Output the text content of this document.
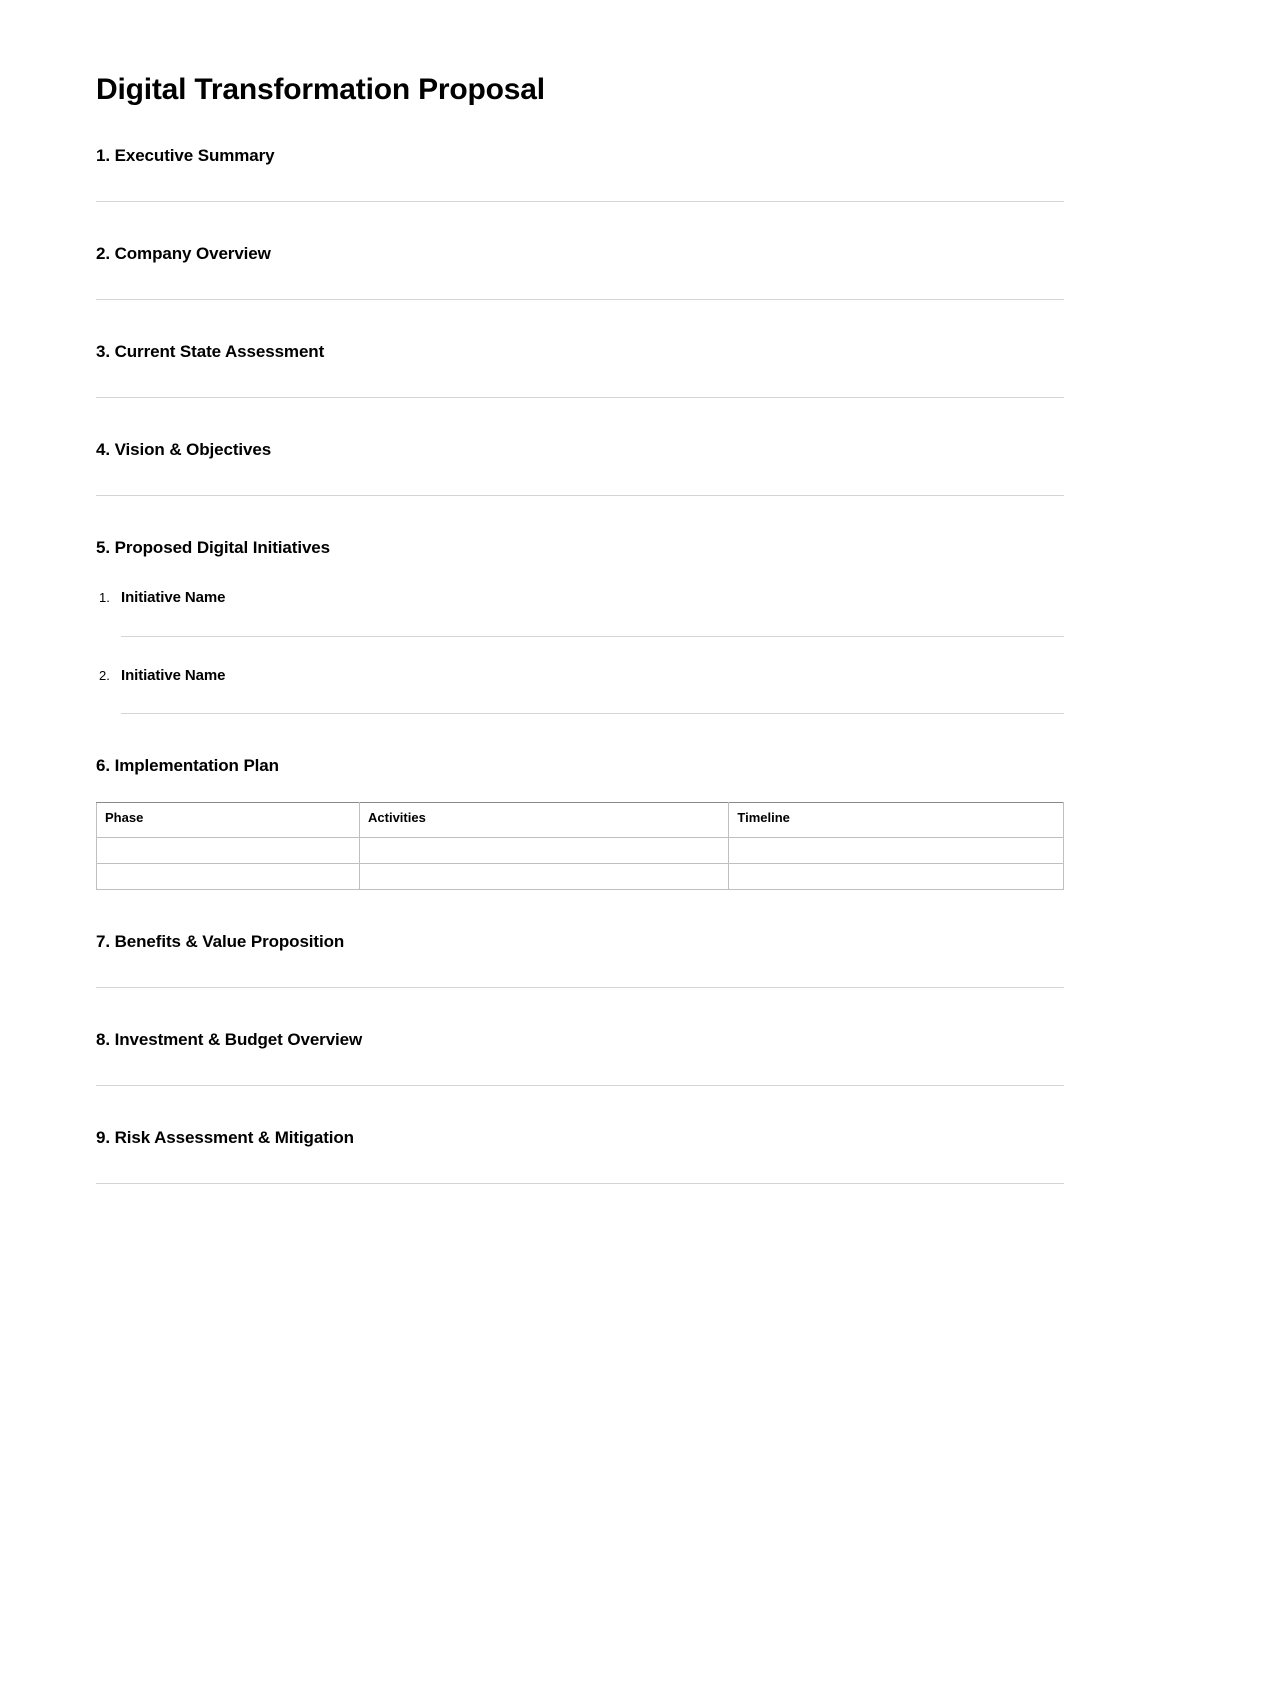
Digital Transformation Proposal
1. Executive Summary
2. Company Overview
3. Current State Assessment
4. Vision & Objectives
5. Proposed Digital Initiatives
1 . Initiative Name
2 . Initiative Name
6. Implementation Plan
Phase	Activities	Timeline

7. Benefits & Value Proposition
8. Investment & Budget Overview
9. Risk Assessment & Mitigation
